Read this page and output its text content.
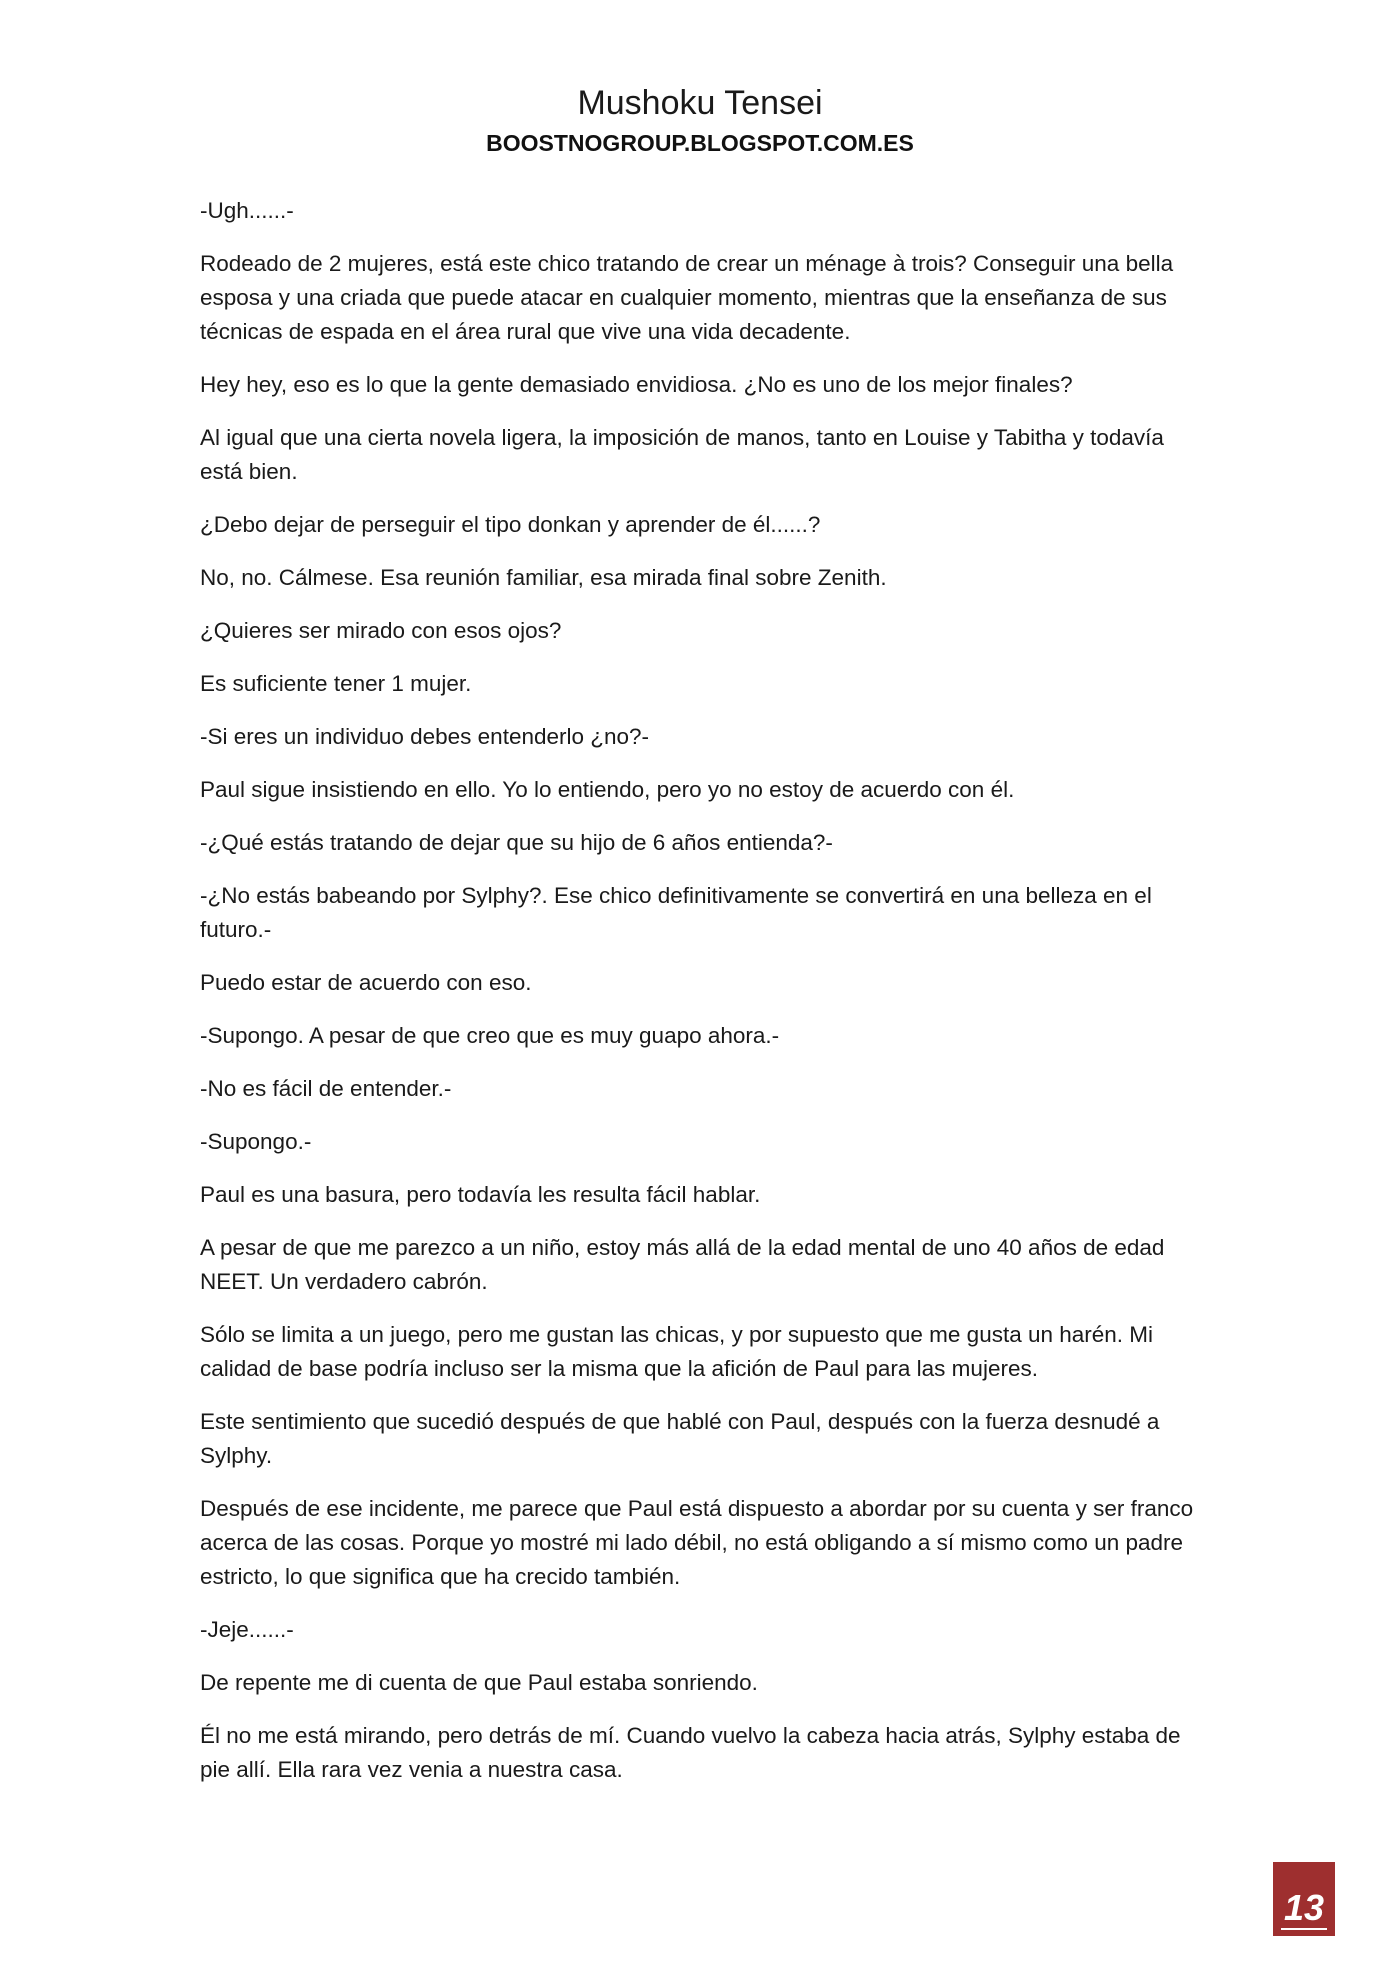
Mushoku Tensei
BOOSTNOGROUP.BLOGSPOT.COM.ES

-Ugh......-

Rodeado de 2 mujeres, está este chico tratando de crear un ménage à trois? Conseguir una bella esposa y una criada que puede atacar en cualquier momento, mientras que la enseñanza de sus técnicas de espada en el área rural que vive una vida decadente.

Hey hey, eso es lo que la gente demasiado envidiosa. ¿No es uno de los mejor finales?

Al igual que una cierta novela ligera, la imposición de manos, tanto en Louise y Tabitha y todavía está bien.

¿Debo dejar de perseguir el tipo donkan y aprender de él......?

No, no. Cálmese. Esa reunión familiar, esa mirada final sobre Zenith.

¿Quieres ser mirado con esos ojos?

Es suficiente tener 1 mujer.

-Si eres un individuo debes entenderlo ¿no?-

Paul sigue insistiendo en ello. Yo lo entiendo, pero yo no estoy de acuerdo con él.

-¿Qué estás tratando de dejar que su hijo de 6 años entienda?-

-¿No estás babeando por Sylphy?. Ese chico definitivamente se convertirá en una belleza en el futuro.-

Puedo estar de acuerdo con eso.

-Supongo. A pesar de que creo que es muy guapo ahora.-

-No es fácil de entender.-

-Supongo.-

Paul es una basura, pero todavía les resulta fácil hablar.

A pesar de que me parezco a un niño, estoy más allá de la edad mental de uno 40 años de edad NEET. Un verdadero cabrón.

Sólo se limita a un juego, pero me gustan las chicas, y por supuesto que me gusta un harén. Mi calidad de base podría incluso ser la misma que la afición de Paul para las mujeres.

Este sentimiento que sucedió después de que hablé con Paul, después con la fuerza desnudé a Sylphy.

Después de ese incidente, me parece que Paul está dispuesto a abordar por su cuenta y ser franco acerca de las cosas. Porque yo mostré mi lado débil, no está obligando a sí mismo como un padre estricto, lo que significa que ha crecido también.

-Jeje......-

De repente me di cuenta de que Paul estaba sonriendo.

Él no me está mirando, pero detrás de mí. Cuando vuelvo la cabeza hacia atrás, Sylphy estaba de pie allí. Ella rara vez venia a nuestra casa.

13
